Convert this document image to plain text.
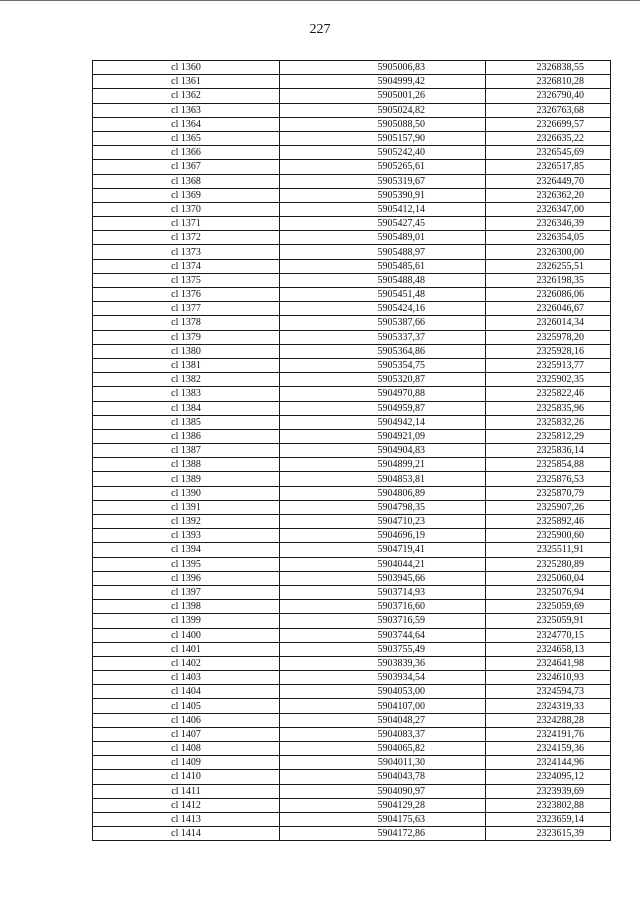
227
сl 1360	5905006,83	2326838,55
сl 1361	5904999,42	2326810,28
сl 1362	5905001,26	2326790,40
сl 1363	5905024,82	2326763,68
сl 1364	5905088,50	2326699,57
сl 1365	5905157,90	2326635,22
сl 1366	5905242,40	2326545,69
сl 1367	5905265,61	2326517,85
сl 1368	5905319,67	2326449,70
сl 1369	5905390,91	2326362,20
сl 1370	5905412,14	2326347,00
сl 1371	5905427,45	2326346,39
сl 1372	5905489,01	2326354,05
сl 1373	5905488,97	2326300,00
сl 1374	5905485,61	2326255,51
сl 1375	5905488,48	2326198,35
сl 1376	5905451,48	2326086,06
сl 1377	5905424,16	2326046,67
сl 1378	5905387,66	2326014,34
сl 1379	5905337,37	2325978,20
сl 1380	5905364,86	2325928,16
сl 1381	5905354,75	2325913,77
сl 1382	5905320,87	2325902,35
сl 1383	5904970,88	2325822,46
сl 1384	5904959,87	2325835,96
сl 1385	5904942,14	2325832,26
сl 1386	5904921,09	2325812,29
сl 1387	5904904,83	2325836,14
сl 1388	5904899,21	2325854,88
сl 1389	5904853,81	2325876,53
сl 1390	5904806,89	2325870,79
сl 1391	5904798,35	2325907,26
сl 1392	5904710,23	2325892,46
сl 1393	5904696,19	2325900,60
сl 1394	5904719,41	2325511,91
сl 1395	5904044,21	2325280,89
сl 1396	5903945,66	2325060,04
сl 1397	5903714,93	2325076,94
сl 1398	5903716,60	2325059,69
сl 1399	5903716,59	2325059,91
сl 1400	5903744,64	2324770,15
сl 1401	5903755,49	2324658,13
сl 1402	5903839,36	2324641,98
сl 1403	5903934,54	2324610,93
сl 1404	5904053,00	2324594,73
сl 1405	5904107,00	2324319,33
сl 1406	5904048,27	2324288,28
сl 1407	5904083,37	2324191,76
сl 1408	5904065,82	2324159,36
сl 1409	5904011,30	2324144,96
сl 1410	5904043,78	2324095,12
сl 1411	5904090,97	2323939,69
сl 1412	5904129,28	2323802,88
сl 1413	5904175,63	2323659,14
сl 1414	5904172,86	2323615,39
